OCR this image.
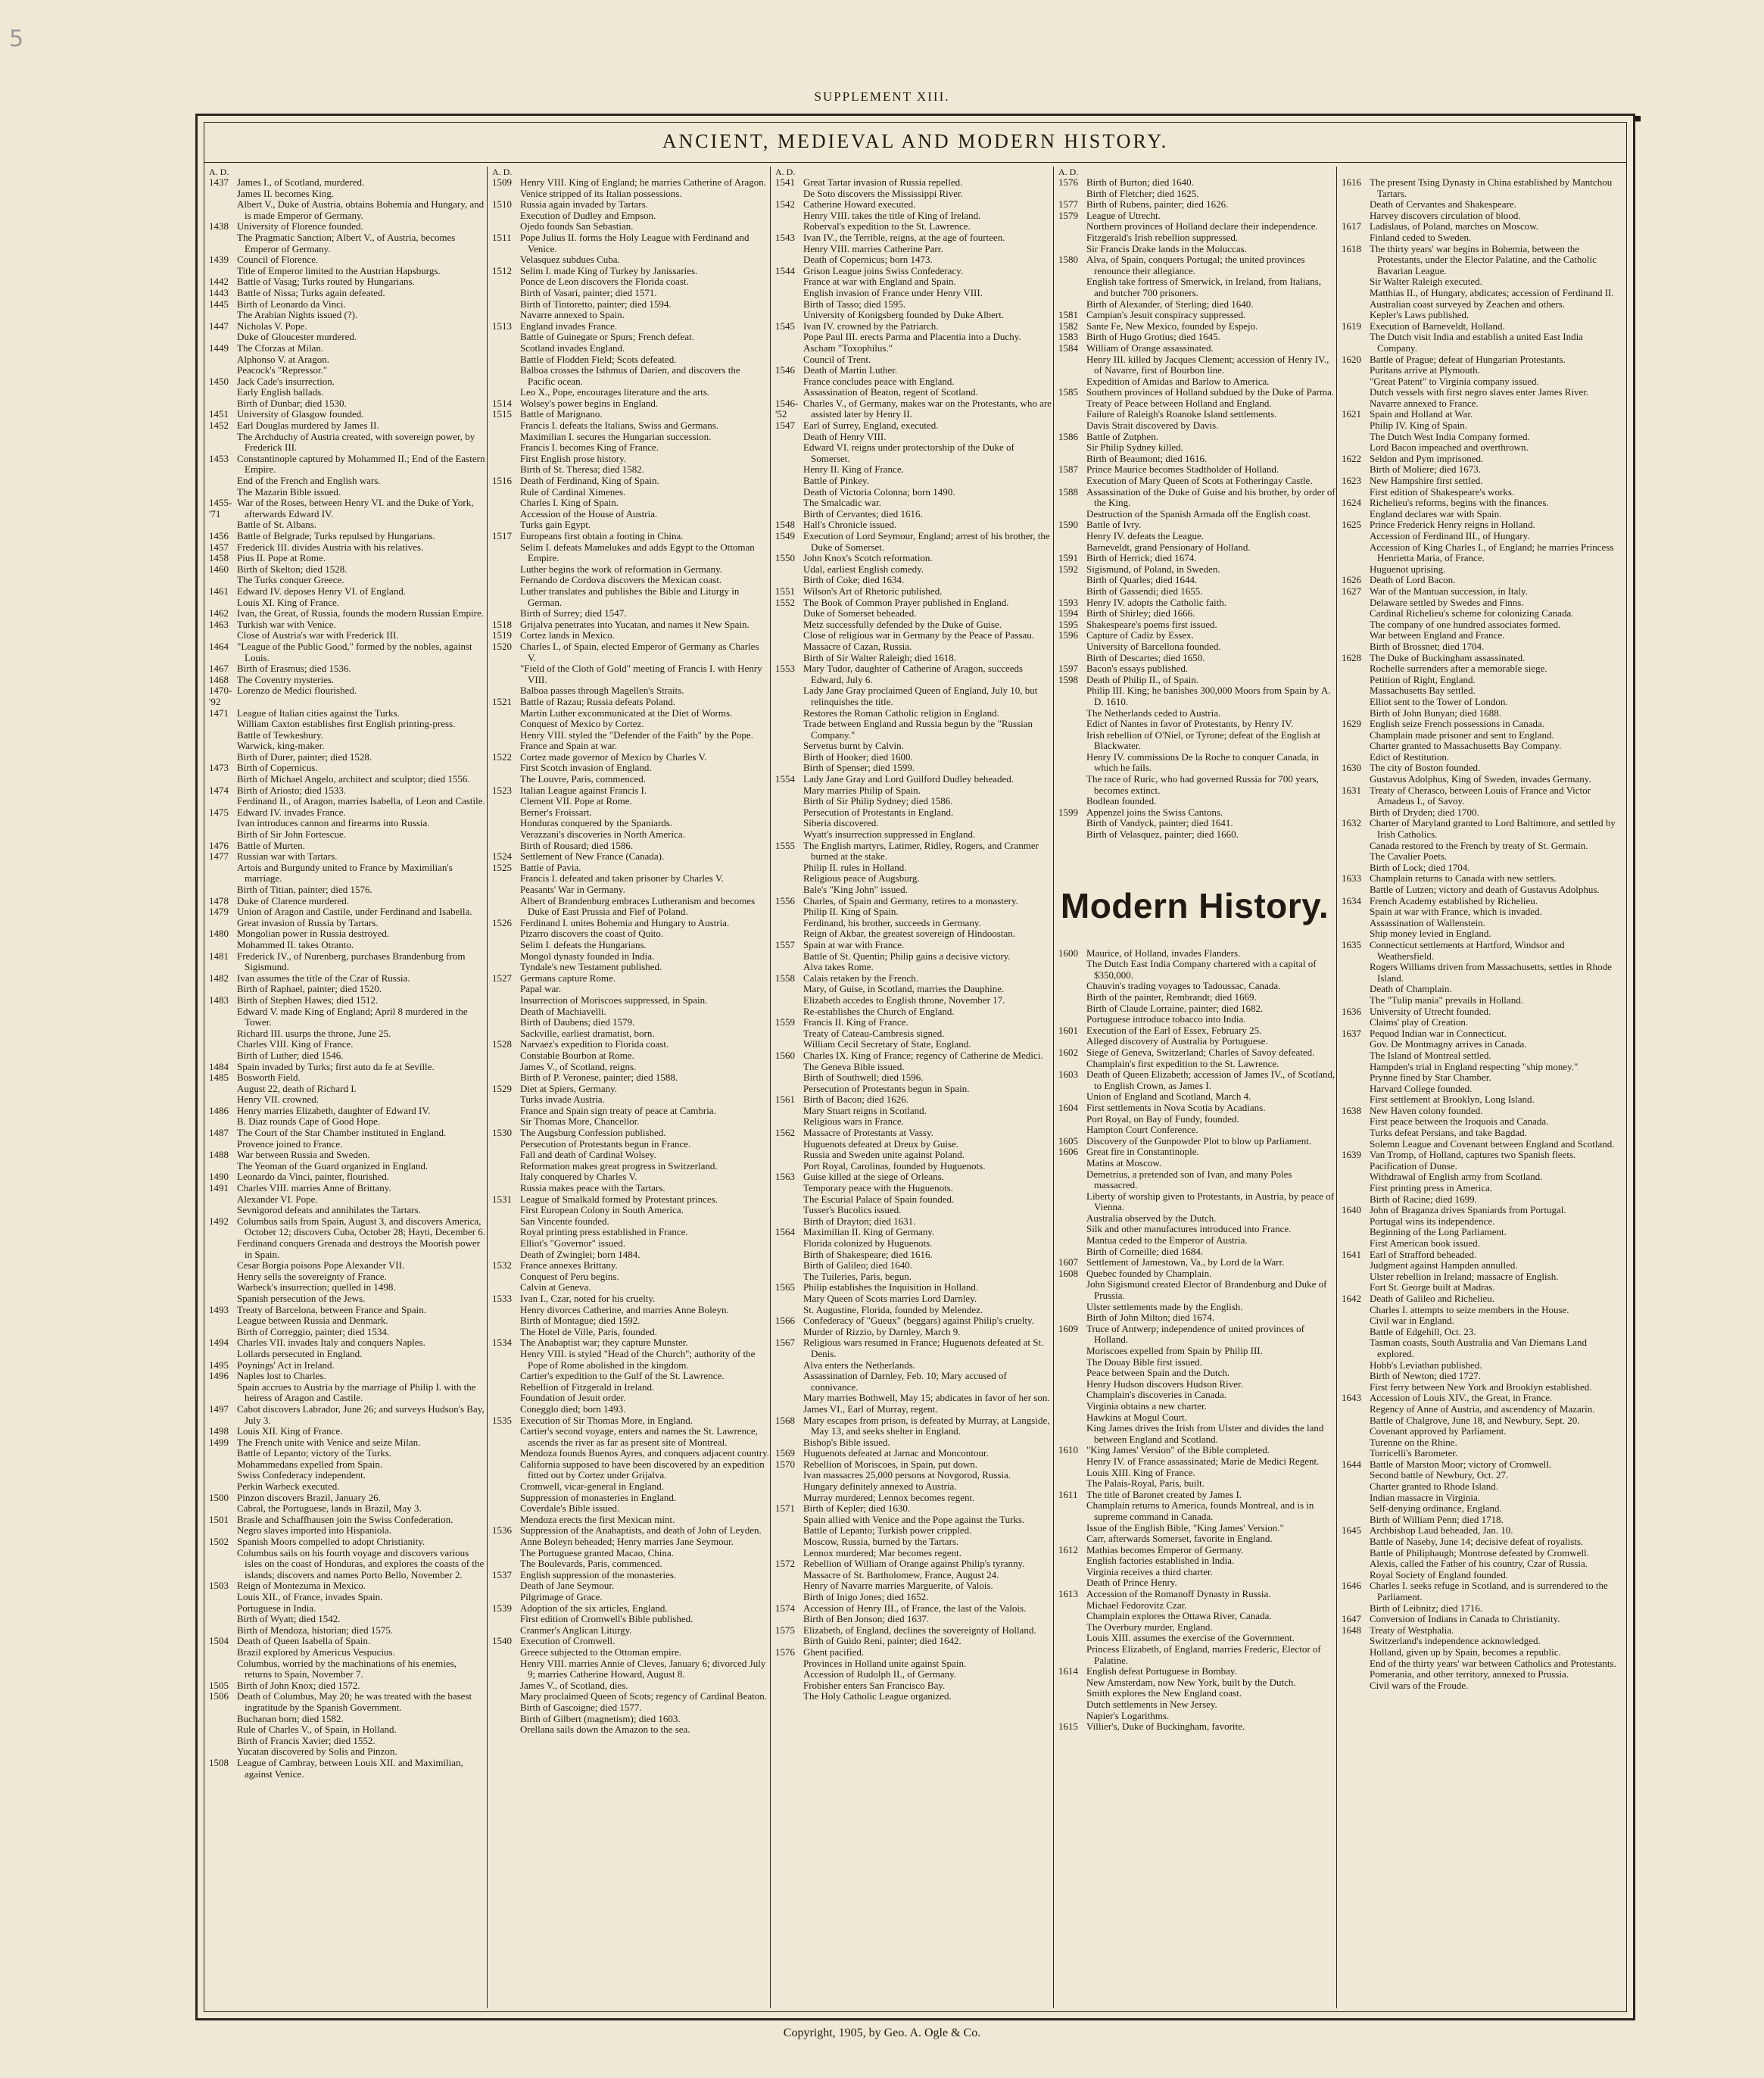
5
SUPPLEMENT XIII.
▪
ANCIENT, MEDIEVAL AND MODERN HISTORY.
A. D.
1437 James I., of Scotland, murdered.
James II. becomes King.
Albert V., Duke of Austria, obtains Bohemia and Hungary, and is made Emperor of Germany.
1438 University of Florence founded.
The Pragmatic Sanction; Albert V., of Austria, becomes Emperor of Germany.
1439 Council of Florence.
Title of Emperor limited to the Austrian Hapsburgs.
1442 Battle of Vasag; Turks routed by Hungarians.
1443 Battle of Nissa; Turks again defeated.
1445 Birth of Leonardo da Vinci.
The Arabian Nights issued (?).
1447 Nicholas V. Pope.
Duke of Gloucester murdered.
1449 The Cforzas at Milan.
Alphonso V. at Aragon.
Peacock's "Repressor."
1450 Jack Cade's insurrection.
Early English ballads.
Birth of Dunbar; died 1530.
1451 University of Glasgow founded.
1452 Earl Douglas murdered by James II.
The Archduchy of Austria created, with sovereign power, by Frederick III.
1453 Constantinople captured by Mohammed II.; End of the Eastern Empire.
End of the French and English wars.
The Mazarin Bible issued.
1455-'71
War of the Roses, between Henry VI. and the Duke of York, afterwards Edward IV.
Battle of St. Albans.
1456 Battle of Belgrade; Turks repulsed by Hungarians.
1457 Frederick III. divides Austria with his relatives.
1458 Pius II. Pope at Rome.
1460 Birth of Skelton; died 1528.
The Turks conquer Greece.
1461 Edward IV. deposes Henry VI. of England.
Louis XI. King of France.
1462 Ivan, the Great, of Russia, founds the modern Russian Empire.
1463 Turkish war with Venice.
Close of Austria's war with Frederick III.
1464 "League of the Public Good," formed by the nobles, against Louis.
1467 Birth of Erasmus; died 1536.
1468 The Coventry mysteries.
1470-'92
Lorenzo de Medici flourished.
1471 League of Italian cities against the Turks.
William Caxton establishes first English printing-press.
Battle of Tewkesbury.
Warwick, king-maker.
Birth of Durer, painter; died 1528.
1473 Birth of Copernicus.
Birth of Michael Angelo, architect and sculptor; died 1556.
1474 Birth of Ariosto; died 1533.
Ferdinand II., of Aragon, marries Isabella, of Leon and Castile.
1475 Edward IV. invades France.
Ivan introduces cannon and firearms into Russia.
Birth of Sir John Fortescue.
1476 Battle of Murten.
1477 Russian war with Tartars.
Artois and Burgundy united to France by Maximilian's marriage.
Birth of Titian, painter; died 1576.
1478 Duke of Clarence murdered.
1479 Union of Aragon and Castile, under Ferdinand and Isabella.
Great invasion of Russia by Tartars.
1480 Mongolian power in Russia destroyed.
Mohammed II. takes Otranto.
1481 Frederick IV., of Nurenberg, purchases Brandenburg from Sigismund.
1482 Ivan assumes the title of the Czar of Russia.
Birth of Raphael, painter; died 1520.
1483 Birth of Stephen Hawes; died 1512.
Edward V. made King of England; April 8 murdered in the Tower.
Richard III. usurps the throne, June 25.
Charles VIII. King of France.
Birth of Luther; died 1546.
1484 Spain invaded by Turks; first auto da fe at Seville.
1485 Bosworth Field.
August 22, death of Richard I.
Henry VII. crowned.
1486 Henry marries Elizabeth, daughter of Edward IV.
B. Diaz rounds Cape of Good Hope.
1487 The Court of the Star Chamber instituted in England.
Provence joined to France.
1488 War between Russia and Sweden.
The Yeoman of the Guard organized in England.
1490 Leonardo da Vinci, painter, flourished.
1491 Charles VIII. marries Anne of Brittany.
Alexander VI. Pope.
Sevnigorod defeats and annihilates the Tartars.
1492 Columbus sails from Spain, August 3, and discovers America, October 12; discovers Cuba, October 28; Hayti, December 6.
Ferdinand conquers Grenada and destroys the Moorish power in Spain.
Cesar Borgia poisons Pope Alexander VII.
Henry sells the sovereignty of France.
Warbeck's insurrection; quelled in 1498.
Spanish persecution of the Jews.
1493 Treaty of Barcelona, between France and Spain.
League between Russia and Denmark.
Birth of Correggio, painter; died 1534.
1494 Charles VII. invades Italy and conquers Naples.
Lollards persecuted in England.
1495 Poynings' Act in Ireland.
1496 Naples lost to Charles.
Spain accrues to Austria by the marriage of Philip I. with the heiress of Aragon and Castile.
1497 Cabot discovers Labrador, June 26; and surveys Hudson's Bay, July 3.
1498 Louis XII. King of France.
1499 The French unite with Venice and seize Milan.
Battle of Lepanto; victory of the Turks.
Mohammedans expelled from Spain.
Swiss Confederacy independent.
Perkin Warbeck executed.
1500 Pinzon discovers Brazil, January 26.
Cabral, the Portuguese, lands in Brazil, May 3.
1501 Brasle and Schaffhausen join the Swiss Confederation.
Negro slaves imported into Hispaniola.
1502 Spanish Moors compelled to adopt Christianity.
Columbus sails on his fourth voyage and discovers various isles on the coast of Honduras, and explores the coasts of the islands; discovers and names Porto Bello, November 2.
1503 Reign of Montezuma in Mexico.
Louis XII., of France, invades Spain.
Portuguese in India.
Birth of Wyatt; died 1542.
Birth of Mendoza, historian; died 1575.
1504 Death of Queen Isabella of Spain.
Brazil explored by Americus Vespucius.
Columbus, worried by the machinations of his enemies, returns to Spain, November 7.
1505 Birth of John Knox; died 1572.
1506 Death of Columbus, May 20; he was treated with the basest ingratitude by the Spanish Government.
Buchanan born; died 1582.
Rule of Charles V., of Spain, in Holland.
Birth of Francis Xavier; died 1552.
Yucatan discovered by Solis and Pinzon.
1508 League of Cambray, between Louis XII. and Maximilian, against Venice.
A. D.
1509 Henry VIII. King of England; he marries Catherine of Aragon.
Venice stripped of its Italian possessions.
1510 Russia again invaded by Tartars.
Execution of Dudley and Empson.
Ojedo founds San Sebastian.
1511 Pope Julius II. forms the Holy League with Ferdinand and Venice.
Velasquez subdues Cuba.
1512 Selim I. made King of Turkey by Janissaries.
Ponce de Leon discovers the Florida coast.
Birth of Vasari, painter; died 1571.
Birth of Tintoretto, painter; died 1594.
Navarre annexed to Spain.
1513 England invades France.
Battle of Guinegate or Spurs; French defeat.
Scotland invades England.
Battle of Flodden Field; Scots defeated.
Balboa crosses the Isthmus of Darien, and discovers the Pacific ocean.
Leo X., Pope, encourages literature and the arts.
1514 Wolsey's power begins in England.
1515 Battle of Marignano.
Francis I. defeats the Italians, Swiss and Germans.
Maximilian I. secures the Hungarian succession.
Francis I. becomes King of France.
First English prose history.
Birth of St. Theresa; died 1582.
1516 Death of Ferdinand, King of Spain.
Rule of Cardinal Ximenes.
Charles I. King of Spain.
Accession of the House of Austria.
Turks gain Egypt.
1517 Europeans first obtain a footing in China.
Selim I. defeats Mamelukes and adds Egypt to the Ottoman Empire.
Luther begins the work of reformation in Germany.
Fernando de Cordova discovers the Mexican coast.
Luther translates and publishes the Bible and Liturgy in German.
Birth of Surrey; died 1547.
1518 Grijalva penetrates into Yucatan, and names it New Spain.
1519 Cortez lands in Mexico.
1520 Charles I., of Spain, elected Emperor of Germany as Charles V.
"Field of the Cloth of Gold" meeting of Francis I. with Henry VIII.
Balboa passes through Magellen's Straits.
1521 Battle of Razau; Russia defeats Poland.
Martin Luther excommunicated at the Diet of Worms.
Conquest of Mexico by Cortez.
Henry VIII. styled the "Defender of the Faith" by the Pope.
France and Spain at war.
1522 Cortez made governor of Mexico by Charles V.
First Scotch invasion of England.
The Louvre, Paris, commenced.
1523 Italian League against Francis I.
Clement VII. Pope at Rome.
Berner's Froissart.
Honduras conquered by the Spaniards.
Verazzani's discoveries in North America.
Birth of Rousard; died 1586.
1524 Settlement of New France (Canada).
1525 Battle of Pavia.
Francis I. defeated and taken prisoner by Charles V.
Peasants' War in Germany.
Albert of Brandenburg embraces Lutheranism and becomes Duke of East Prussia and Fief of Poland.
1526 Ferdinand I. unites Bohemia and Hungary to Austria.
Pizarro discovers the coast of Quito.
Selim I. defeats the Hungarians.
Mongol dynasty founded in India.
Tyndale's new Testament published.
1527 Germans capture Rome.
Papal war.
Insurrection of Moriscoes suppressed, in Spain.
Death of Machiavelli.
Birth of Daubens; died 1579.
Sackville, earliest dramatist, born.
1528 Narvaez's expedition to Florida coast.
Constable Bourbon at Rome.
James V., of Scotland, reigns.
Birth of P. Veronese, painter; died 1588.
1529 Diet at Spiers, Germany.
Turks invade Austria.
France and Spain sign treaty of peace at Cambria.
Sir Thomas More, Chancellor.
1530 The Augsburg Confession published.
Persecution of Protestants begun in France.
Fall and death of Cardinal Wolsey.
Reformation makes great progress in Switzerland.
Italy conquered by Charles V.
Russia makes peace with the Tartars.
1531 League of Smalkald formed by Protestant princes.
First European Colony in South America.
San Vincente founded.
Royal printing press established in France.
Elliot's "Governor" issued.
Death of Zwinglei; born 1484.
1532 France annexes Brittany.
Conquest of Peru begins.
Calvin at Geneva.
1533 Ivan I., Czar, noted for his cruelty.
Henry divorces Catherine, and marries Anne Boleyn.
Birth of Montague; died 1592.
The Hotel de Ville, Paris, founded.
1534 The Anabaptist war; they capture Munster.
Henry VIII. is styled "Head of the Church"; authority of the Pope of Rome abolished in the kingdom.
Cartier's expedition to the Gulf of the St. Lawrence.
Rebellion of Fitzgerald in Ireland.
Foundation of Jesuit order.
Conegglo died; born 1493.
1535 Execution of Sir Thomas More, in England.
Cartier's second voyage, enters and names the St. Lawrence, ascends the river as far as present site of Montreal.
Mendoza founds Buenos Ayres, and conquers adjacent country.
California supposed to have been discovered by an expedition fitted out by Cortez under Grijalva.
Cromwell, vicar-general in England.
Suppression of monasteries in England.
Coverdale's Bible issued.
Mendoza erects the first Mexican mint.
1536 Suppression of the Anabaptists, and death of John of Leyden.
Anne Boleyn beheaded; Henry marries Jane Seymour.
The Portuguese granted Macao, China.
The Boulevards, Paris, commenced.
1537 English suppression of the monasteries.
Death of Jane Seymour.
Pilgrimage of Grace.
1539 Adoption of the six articles, England.
First edition of Cromwell's Bible published.
Cranmer's Anglican Liturgy.
1540 Execution of Cromwell.
Greece subjected to the Ottoman empire.
Henry VIII. marries Annie of Cleves, January 6; divorced July 9; marries Catherine Howard, August 8.
James V., of Scotland, dies.
Mary proclaimed Queen of Scots; regency of Cardinal Beaton.
Birth of Gascoigne; died 1577.
Birth of Gilbert (magnetism); died 1603.
Orellana sails down the Amazon to the sea.
A. D.
1541 Great Tartar invasion of Russia repelled.
De Soto discovers the Mississippi River.
1542 Catherine Howard executed.
Henry VIII. takes the title of King of Ireland.
Roberval's expedition to the St. Lawrence.
1543 Ivan IV., the Terrible, reigns, at the age of fourteen.
Henry VIII. marries Catherine Parr.
Death of Copernicus; born 1473.
1544 Grison League joins Swiss Confederacy.
France at war with England and Spain.
English invasion of France under Henry VIII.
Birth of Tasso; died 1595.
University of Konigsberg founded by Duke Albert.
1545 Ivan IV. crowned by the Patriarch.
Pope Paul III. erects Parma and Placentia into a Duchy.
Ascham "Toxophilus."
Council of Trent.
1546 Death of Martin Luther.
France concludes peace with England.
Assassination of Beaton, regent of Scotland.
1546-'52
Charles V., of Germany, makes war on the Protestants, who are assisted later by Henry II.
1547 Earl of Surrey, England, executed.
Death of Henry VIII.
Edward VI. reigns under protectorship of the Duke of Somerset.
Henry II. King of France.
Battle of Pinkey.
Death of Victoria Colonna; born 1490.
The Smalcadic war.
Birth of Cervantes; died 1616.
1548 Hall's Chronicle issued.
1549 Execution of Lord Seymour, England; arrest of his brother, the Duke of Somerset.
1550 John Knox's Scotch reformation.
Udal, earliest English comedy.
Birth of Coke; died 1634.
1551 Wilson's Art of Rhetoric published.
1552 The Book of Common Prayer published in England.
Duke of Somerset beheaded.
Metz successfully defended by the Duke of Guise.
Close of religious war in Germany by the Peace of Passau.
Massacre of Cazan, Russia.
Birth of Sir Walter Raleigh; died 1618.
1553 Mary Tudor, daughter of Catherine of Aragon, succeeds Edward, July 6.
Lady Jane Gray proclaimed Queen of England, July 10, but relinquishes the title.
Restores the Roman Catholic religion in England.
Trade between England and Russia begun by the "Russian Company."
Servetus burnt by Calvin.
Birth of Hooker; died 1600.
Birth of Spenser; died 1599.
1554 Lady Jane Gray and Lord Guilford Dudley beheaded.
Mary marries Philip of Spain.
Birth of Sir Philip Sydney; died 1586.
Persecution of Protestants in England.
Siberia discovered.
Wyatt's insurrection suppressed in England.
1555 The English martyrs, Latimer, Ridley, Rogers, and Cranmer burned at the stake.
Philip II. rules in Holland.
Religious peace of Augsburg.
Bale's "King John" issued.
1556 Charles, of Spain and Germany, retires to a monastery.
Philip II. King of Spain.
Ferdinand, his brother, succeeds in Germany.
Reign of Akbar, the greatest sovereign of Hindoostan.
1557 Spain at war with France.
Battle of St. Quentin; Philip gains a decisive victory.
Alva takes Rome.
1558 Calais retaken by the French.
Mary, of Guise, in Scotland, marries the Dauphine.
Elizabeth accedes to English throne, November 17.
Re-establishes the Church of England.
1559 Francis II. King of France.
Treaty of Cateau-Cambresis signed.
William Cecil Secretary of State, England.
1560 Charles IX. King of France; regency of Catherine de Medici.
The Geneva Bible issued.
Birth of Southwell; died 1596.
Persecution of Protestants begun in Spain.
1561 Birth of Bacon; died 1626.
Mary Stuart reigns in Scotland.
Religious wars in France.
1562 Massacre of Protestants at Vassy.
Huguenots defeated at Dreux by Guise.
Russia and Sweden unite against Poland.
Port Royal, Carolinas, founded by Huguenots.
1563 Guise killed at the siege of Orleans.
Temporary peace with the Huguenots.
The Escurial Palace of Spain founded.
Tusser's Bucolics issued.
Birth of Drayton; died 1631.
1564 Maximilian II. King of Germany.
Florida colonized by Huguenots.
Birth of Shakespeare; died 1616.
Birth of Galileo; died 1640.
The Tuileries, Paris, begun.
1565 Philip establishes the Inquisition in Holland.
Mary Queen of Scots marries Lord Darnley.
St. Augustine, Florida, founded by Melendez.
1566 Confederacy of "Gueux" (beggars) against Philip's cruelty.
Murder of Rizzio, by Darnley, March 9.
1567 Religious wars resumed in France; Huguenots defeated at St. Denis.
Alva enters the Netherlands.
Assassination of Darnley, Feb. 10; Mary accused of connivance.
Mary marries Bothwell, May 15; abdicates in favor of her son.
James VI., Earl of Murray, regent.
1568 Mary escapes from prison, is defeated by Murray, at Langside, May 13, and seeks shelter in England.
Bishop's Bible issued.
1569 Huguenots defeated at Jarnac and Moncontour.
1570 Rebellion of Moriscoes, in Spain, put down.
Ivan massacres 25,000 persons at Novgorod, Russia.
Hungary definitely annexed to Austria.
Murray murdered; Lennox becomes regent.
1571 Birth of Kepler; died 1630.
Spain allied with Venice and the Pope against the Turks.
Battle of Lepanto; Turkish power crippled.
Moscow, Russia, burned by the Tartars.
Lennox murdered; Mar becomes regent.
1572 Rebellion of William of Orange against Philip's tyranny.
Massacre of St. Bartholomew, France, August 24.
Henry of Navarre marries Marguerite, of Valois.
Birth of Inigo Jones; died 1652.
1574 Accession of Henry III., of France, the last of the Valois.
Birth of Ben Jonson; died 1637.
1575 Elizabeth, of England, declines the sovereignty of Holland.
Birth of Guido Reni, painter; died 1642.
1576 Ghent pacified.
Provinces in Holland unite against Spain.
Accession of Rudolph II., of Germany.
Frobisher enters San Francisco Bay.
The Holy Catholic League organized.
A. D.
1576 Birth of Burton; died 1640.
Birth of Fletcher; died 1625.
1577 Birth of Rubens, painter; died 1626.
1579 League of Utrecht.
Northern provinces of Holland declare their independence.
Fitzgerald's Irish rebellion suppressed.
Sir Francis Drake lands in the Moluccas.
1580 Alva, of Spain, conquers Portugal; the united provinces renounce their allegiance.
English take fortress of Smerwick, in Ireland, from Italians, and butcher 700 prisoners.
Birth of Alexander, of Sterling; died 1640.
1581 Campian's Jesuit conspiracy suppressed.
1582 Sante Fe, New Mexico, founded by Espejo.
1583 Birth of Hugo Grotius; died 1645.
1584 William of Orange assassinated.
Henry III. killed by Jacques Clement; accession of Henry IV., of Navarre, first of Bourbon line.
Expedition of Amidas and Barlow to America.
1585 Southern provinces of Holland subdued by the Duke of Parma.
Treaty of Peace between Holland and England.
Failure of Raleigh's Roanoke Island settlements.
Davis Strait discovered by Davis.
1586 Battle of Zutphen.
Sir Philip Sydney killed.
Birth of Beaumont; died 1616.
1587 Prince Maurice becomes Stadtholder of Holland.
Execution of Mary Queen of Scots at Fotheringay Castle.
1588 Assassination of the Duke of Guise and his brother, by order of the King.
Destruction of the Spanish Armada off the English coast.
1590 Battle of Ivry.
Henry IV. defeats the League.
Barneveldt, grand Pensionary of Holland.
1591 Birth of Herrick; died 1674.
1592 Sigismund, of Poland, in Sweden.
Birth of Quarles; died 1644.
Birth of Gassendi; died 1655.
1593 Henry IV. adopts the Catholic faith.
1594 Birth of Shirley; died 1666.
1595 Shakespeare's poems first issued.
1596 Capture of Cadiz by Essex.
University of Barcellona founded.
Birth of Descartes; died 1650.
1597 Bacon's essays published.
1598 Death of Philip II., of Spain.
Philip III. King; he banishes 300,000 Moors from Spain by A. D. 1610.
The Netherlands ceded to Austria.
Edict of Nantes in favor of Protestants, by Henry IV.
Irish rebellion of O'Niel, or Tyrone; defeat of the English at Blackwater.
Henry IV. commissions De la Roche to conquer Canada, in which he fails.
The race of Ruric, who had governed Russia for 700 years, becomes extinct.
Bodlean founded.
1599 Appenzel joins the Swiss Cantons.
Birth of Vandyck, painter; died 1641.
Birth of Velasquez, painter; died 1660.
Modern History.
1600 Maurice, of Holland, invades Flanders.
The Dutch East India Company chartered with a capital of $350,000.
Chauvin's trading voyages to Tadoussac, Canada.
Birth of the painter, Rembrandt; died 1669.
Birth of Claude Lorraine, painter; died 1682.
Portuguese introduce tobacco into India.
1601 Execution of the Earl of Essex, February 25.
Alleged discovery of Australia by Portuguese.
1602 Siege of Geneva, Switzerland; Charles of Savoy defeated.
Champlain's first expedition to the St. Lawrence.
1603 Death of Queen Elizabeth; accession of James IV., of Scotland, to English Crown, as James I.
Union of England and Scotland, March 4.
1604 First settlements in Nova Scotia by Acadians.
Port Royal, on Bay of Fundy, founded.
Hampton Court Conference.
1605 Discovery of the Gunpowder Plot to blow up Parliament.
1606 Great fire in Constantinople.
Matins at Moscow.
Demetrius, a pretended son of Ivan, and many Poles massacred.
Liberty of worship given to Protestants, in Austria, by peace of Vienna.
Australia observed by the Dutch.
Silk and other manufactures introduced into France.
Mantua ceded to the Emperor of Austria.
Birth of Corneille; died 1684.
1607 Settlement of Jamestown, Va., by Lord de la Warr.
1608 Quebec founded by Champlain.
John Sigismund created Elector of Brandenburg and Duke of Prussia.
Ulster settlements made by the English.
Birth of John Milton; died 1674.
1609 Truce of Antwerp; independence of united provinces of Holland.
Moriscoes expelled from Spain by Philip III.
The Douay Bible first issued.
Peace between Spain and the Dutch.
Henry Hudson discovers Hudson River.
Champlain's discoveries in Canada.
Virginia obtains a new charter.
Hawkins at Mogul Court.
King James drives the Irish from Ulster and divides the land between England and Scotland.
1610 "King James' Version" of the Bible completed.
Henry IV. of France assassinated; Marie de Medici Regent.
Louis XIII. King of France.
The Palais-Royal, Paris, built.
1611 The title of Baronet created by James I.
Champlain returns to America, founds Montreal, and is in supreme command in Canada.
Issue of the English Bible, "King James' Version."
Carr, afterwards Somerset, favorite in England.
1612 Mathias becomes Emperor of Germany.
English factories established in India.
Virginia receives a third charter.
Death of Prince Henry.
1613 Accession of the Romanoff Dynasty in Russia.
Michael Fedorovitz Czar.
Champlain explores the Ottawa River, Canada.
The Overbury murder, England.
Louis XIII. assumes the exercise of the Government.
Princess Elizabeth, of England, marries Frederic, Elector of Palatine.
1614 English defeat Portuguese in Bombay.
New Amsterdam, now New York, built by the Dutch.
Smith explores the New England coast.
Dutch settlements in New Jersey.
Napier's Logarithms.
1615 Villier's, Duke of Buckingham, favorite.
1616 The present Tsing Dynasty in China established by Mantchou Tartars.
Death of Cervantes and Shakespeare.
Harvey discovers circulation of blood.
1617 Ladislaus, of Poland, marches on Moscow.
Finland ceded to Sweden.
1618 The thirty years' war begins in Bohemia, between the Protestants, under the Elector Palatine, and the Catholic Bavarian League.
Sir Walter Raleigh executed.
Matthias II., of Hungary, abdicates; accession of Ferdinand II.
Australian coast surveyed by Zeachen and others.
Kepler's Laws published.
1619 Execution of Barneveldt, Holland.
The Dutch visit India and establish a united East India Company.
1620 Battle of Prague; defeat of Hungarian Protestants.
Puritans arrive at Plymouth.
"Great Patent" to Virginia company issued.
Dutch vessels with first negro slaves enter James River.
Navarre annexed to France.
1621 Spain and Holland at War.
Philip IV. King of Spain.
The Dutch West India Company formed.
Lord Bacon impeached and overthrown.
1622 Seldon and Pym imprisoned.
Birth of Moliere; died 1673.
1623 New Hampshire first settled.
First edition of Shakespeare's works.
1624 Richelieu's reforms, begins with the finances.
England declares war with Spain.
1625 Prince Frederick Henry reigns in Holland.
Accession of Ferdinand III., of Hungary.
Accession of King Charles I., of England; he marries Princess Henrietta Maria, of France.
Huguenot uprising.
1626 Death of Lord Bacon.
1627 War of the Mantuan succession, in Italy.
Delaware settled by Swedes and Finns.
Cardinal Richelieu's scheme for colonizing Canada.
The company of one hundred associates formed.
War between England and France.
Birth of Brossnet; died 1704.
1628 The Duke of Buckingham assassinated.
Rochelle surrenders after a memorable siege.
Petition of Right, England.
Massachusetts Bay settled.
Elliot sent to the Tower of London.
Birth of John Bunyan; died 1688.
1629 English seize French possessions in Canada.
Champlain made prisoner and sent to England.
Charter granted to Massachusetts Bay Company.
Edict of Restitution.
1630 The city of Boston founded.
Gustavus Adolphus, King of Sweden, invades Germany.
1631 Treaty of Cherasco, between Louis of France and Victor Amadeus I., of Savoy.
Birth of Dryden; died 1700.
1632 Charter of Maryland granted to Lord Baltimore, and settled by Irish Catholics.
Canada restored to the French by treaty of St. Germain.
The Cavalier Poets.
Birth of Lock; died 1704.
1633 Champlain returns to Canada with new settlers.
Battle of Lutzen; victory and death of Gustavus Adolphus.
1634 French Academy established by Richelieu.
Spain at war with France, which is invaded.
Assassination of Wallenstein.
Ship money levied in England.
1635 Connecticut settlements at Hartford, Windsor and Weathersfield.
Rogers Williams driven from Massachusetts, settles in Rhode Island.
Death of Champlain.
The "Tulip mania" prevails in Holland.
1636 University of Utrecht founded.
Claims' play of Creation.
1637 Pequod Indian war in Connecticut.
Gov. De Montmagny arrives in Canada.
The Island of Montreal settled.
Hampden's trial in England respecting "ship money."
Prynne fined by Star Chamber.
Harvard College founded.
First settlement at Brooklyn, Long Island.
1638 New Haven colony founded.
First peace between the Iroquois and Canada.
Turks defeat Persians, and take Bagdad.
Solemn League and Covenant between England and Scotland.
1639 Van Tromp, of Holland, captures two Spanish fleets.
Pacification of Dunse.
Withdrawal of English army from Scotland.
First printing press in America.
Birth of Racine; died 1699.
1640 John of Braganza drives Spaniards from Portugal.
Portugal wins its independence.
Beginning of the Long Parliament.
First American book issued.
1641 Earl of Strafford beheaded.
Judgment against Hampden annulled.
Ulster rebellion in Ireland; massacre of English.
Fort St. George built at Madras.
1642 Death of Galileo and Richelieu.
Charles I. attempts to seize members in the House.
Civil war in England.
Battle of Edgehill, Oct. 23.
Tasman coasts, South Australia and Van Diemans Land explored.
Hobb's Leviathan published.
Birth of Newton; died 1727.
First ferry between New York and Brooklyn established.
1643 Accession of Louis XIV., the Great, in France.
Regency of Anne of Austria, and ascendency of Mazarin.
Battle of Chalgrove, June 18, and Newbury, Sept. 20.
Covenant approved by Parliament.
Turenne on the Rhine.
Torricelli's Barometer.
1644 Battle of Marston Moor; victory of Cromwell.
Second battle of Newbury, Oct. 27.
Charter granted to Rhode Island.
Indian massacre in Virginia.
Self-denying ordinance, England.
Birth of William Penn; died 1718.
1645 Archbishop Laud beheaded, Jan. 10.
Battle of Naseby, June 14; decisive defeat of royalists.
Battle of Philiphaugh; Montrose defeated by Cromwell.
Alexis, called the Father of his country, Czar of Russia.
Royal Society of England founded.
1646 Charles I. seeks refuge in Scotland, and is surrendered to the Parliament.
Birth of Leibnitz; died 1716.
1647 Conversion of Indians in Canada to Christianity.
1648 Treaty of Westphalia.
Switzerland's independence acknowledged.
Holland, given up by Spain, becomes a republic.
End of the thirty years' war between Catholics and Protestants.
Pomerania, and other territory, annexed to Prussia.
Civil wars of the Froude.
Copyright, 1905, by Geo. A. Ogle & Co.
